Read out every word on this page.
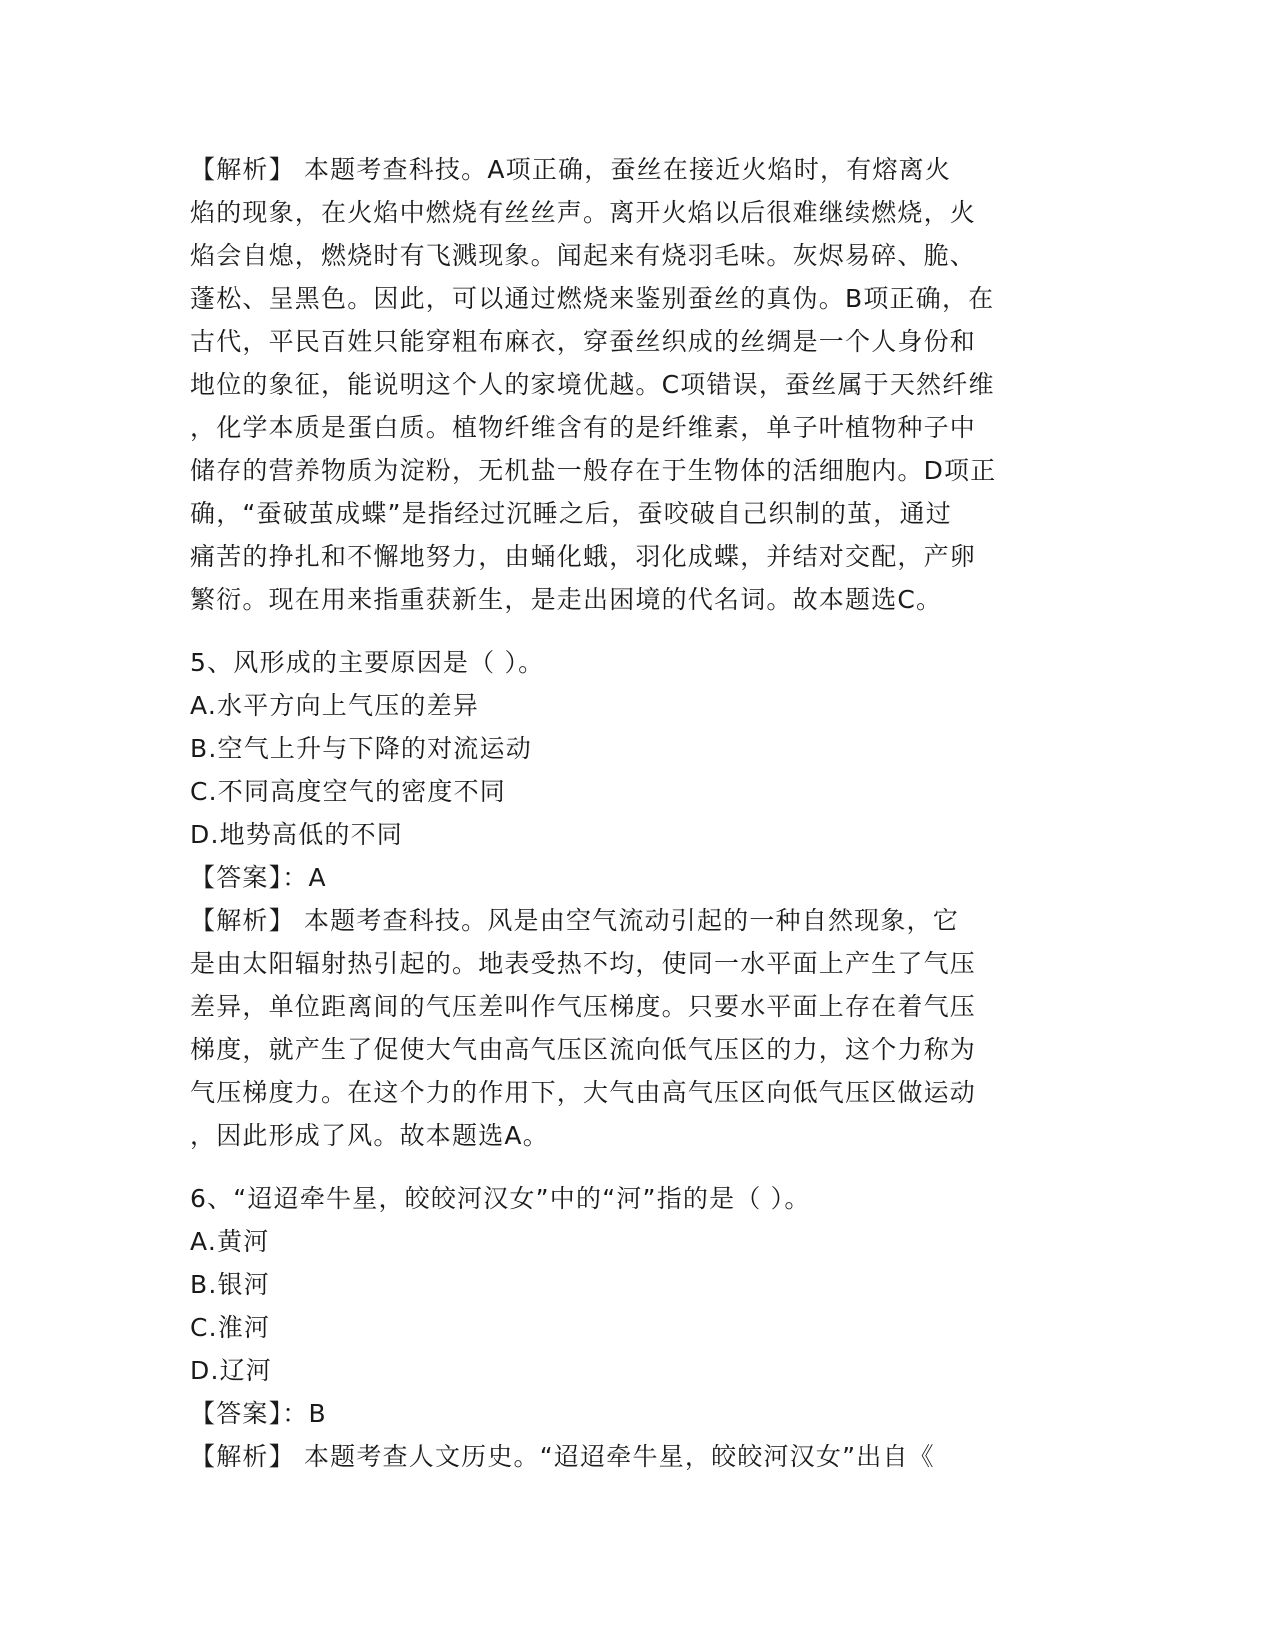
【解析】 本题考查科技。A项正确，蚕丝在接近火焰时，有熔离火
焰的现象，在火焰中燃烧有丝丝声。离开火焰以后很难继续燃烧，火
焰会自熄，燃烧时有飞溅现象。闻起来有烧羽毛味。灰烬易碎、脆、
蓬松、呈黑色。因此，可以通过燃烧来鉴别蚕丝的真伪。B项正确，在
古代，平民百姓只能穿粗布麻衣，穿蚕丝织成的丝绸是一个人身份和
地位的象征，能说明这个人的家境优越。C项错误，蚕丝属于天然纤维
，化学本质是蛋白质。植物纤维含有的是纤维素，单子叶植物种子中
储存的营养物质为淀粉，无机盐一般存在于生物体的活细胞内。D项正
确，“蚕破茧成蝶”是指经过沉睡之后，蚕咬破自己织制的茧，通过
痛苦的挣扎和不懈地努力，由蛹化蛾，羽化成蝶，并结对交配，产卵
繁衍。现在用来指重获新生，是走出困境的代名词。故本题选C。
5、风形成的主要原因是（ ）。
A.水平方向上气压的差异
B.空气上升与下降的对流运动
C.不同高度空气的密度不同
D.地势高低的不同
【答案】：A
【解析】 本题考查科技。风是由空气流动引起的一种自然现象，它
是由太阳辐射热引起的。地表受热不均，使同一水平面上产生了气压
差异，单位距离间的气压差叫作气压梯度。只要水平面上存在着气压
梯度，就产生了促使大气由高气压区流向低气压区的力，这个力称为
气压梯度力。在这个力的作用下，大气由高气压区向低气压区做运动
，因此形成了风。故本题选A。
6、“迢迢牵牛星，皎皎河汉女”中的“河”指的是（ ）。
A.黄河
B.银河
C.淮河
D.辽河
【答案】：B
【解析】 本题考查人文历史。“迢迢牵牛星，皎皎河汉女”出自《
